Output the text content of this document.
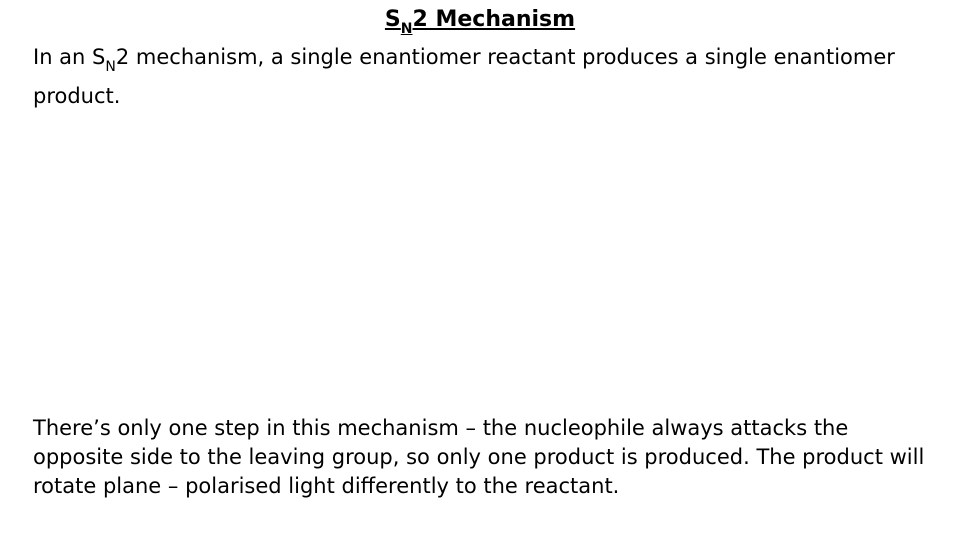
$S_N2$ Mechanism
In an $S_N2$ mechanism, a single enantiomer reactant produces a single enantiomer product.
There’s only one step in this mechanism – the nucleophile always attacks the opposite side to the leaving group, so only one product is produced. The product will rotate plane – polarised light differently to the reactant.
